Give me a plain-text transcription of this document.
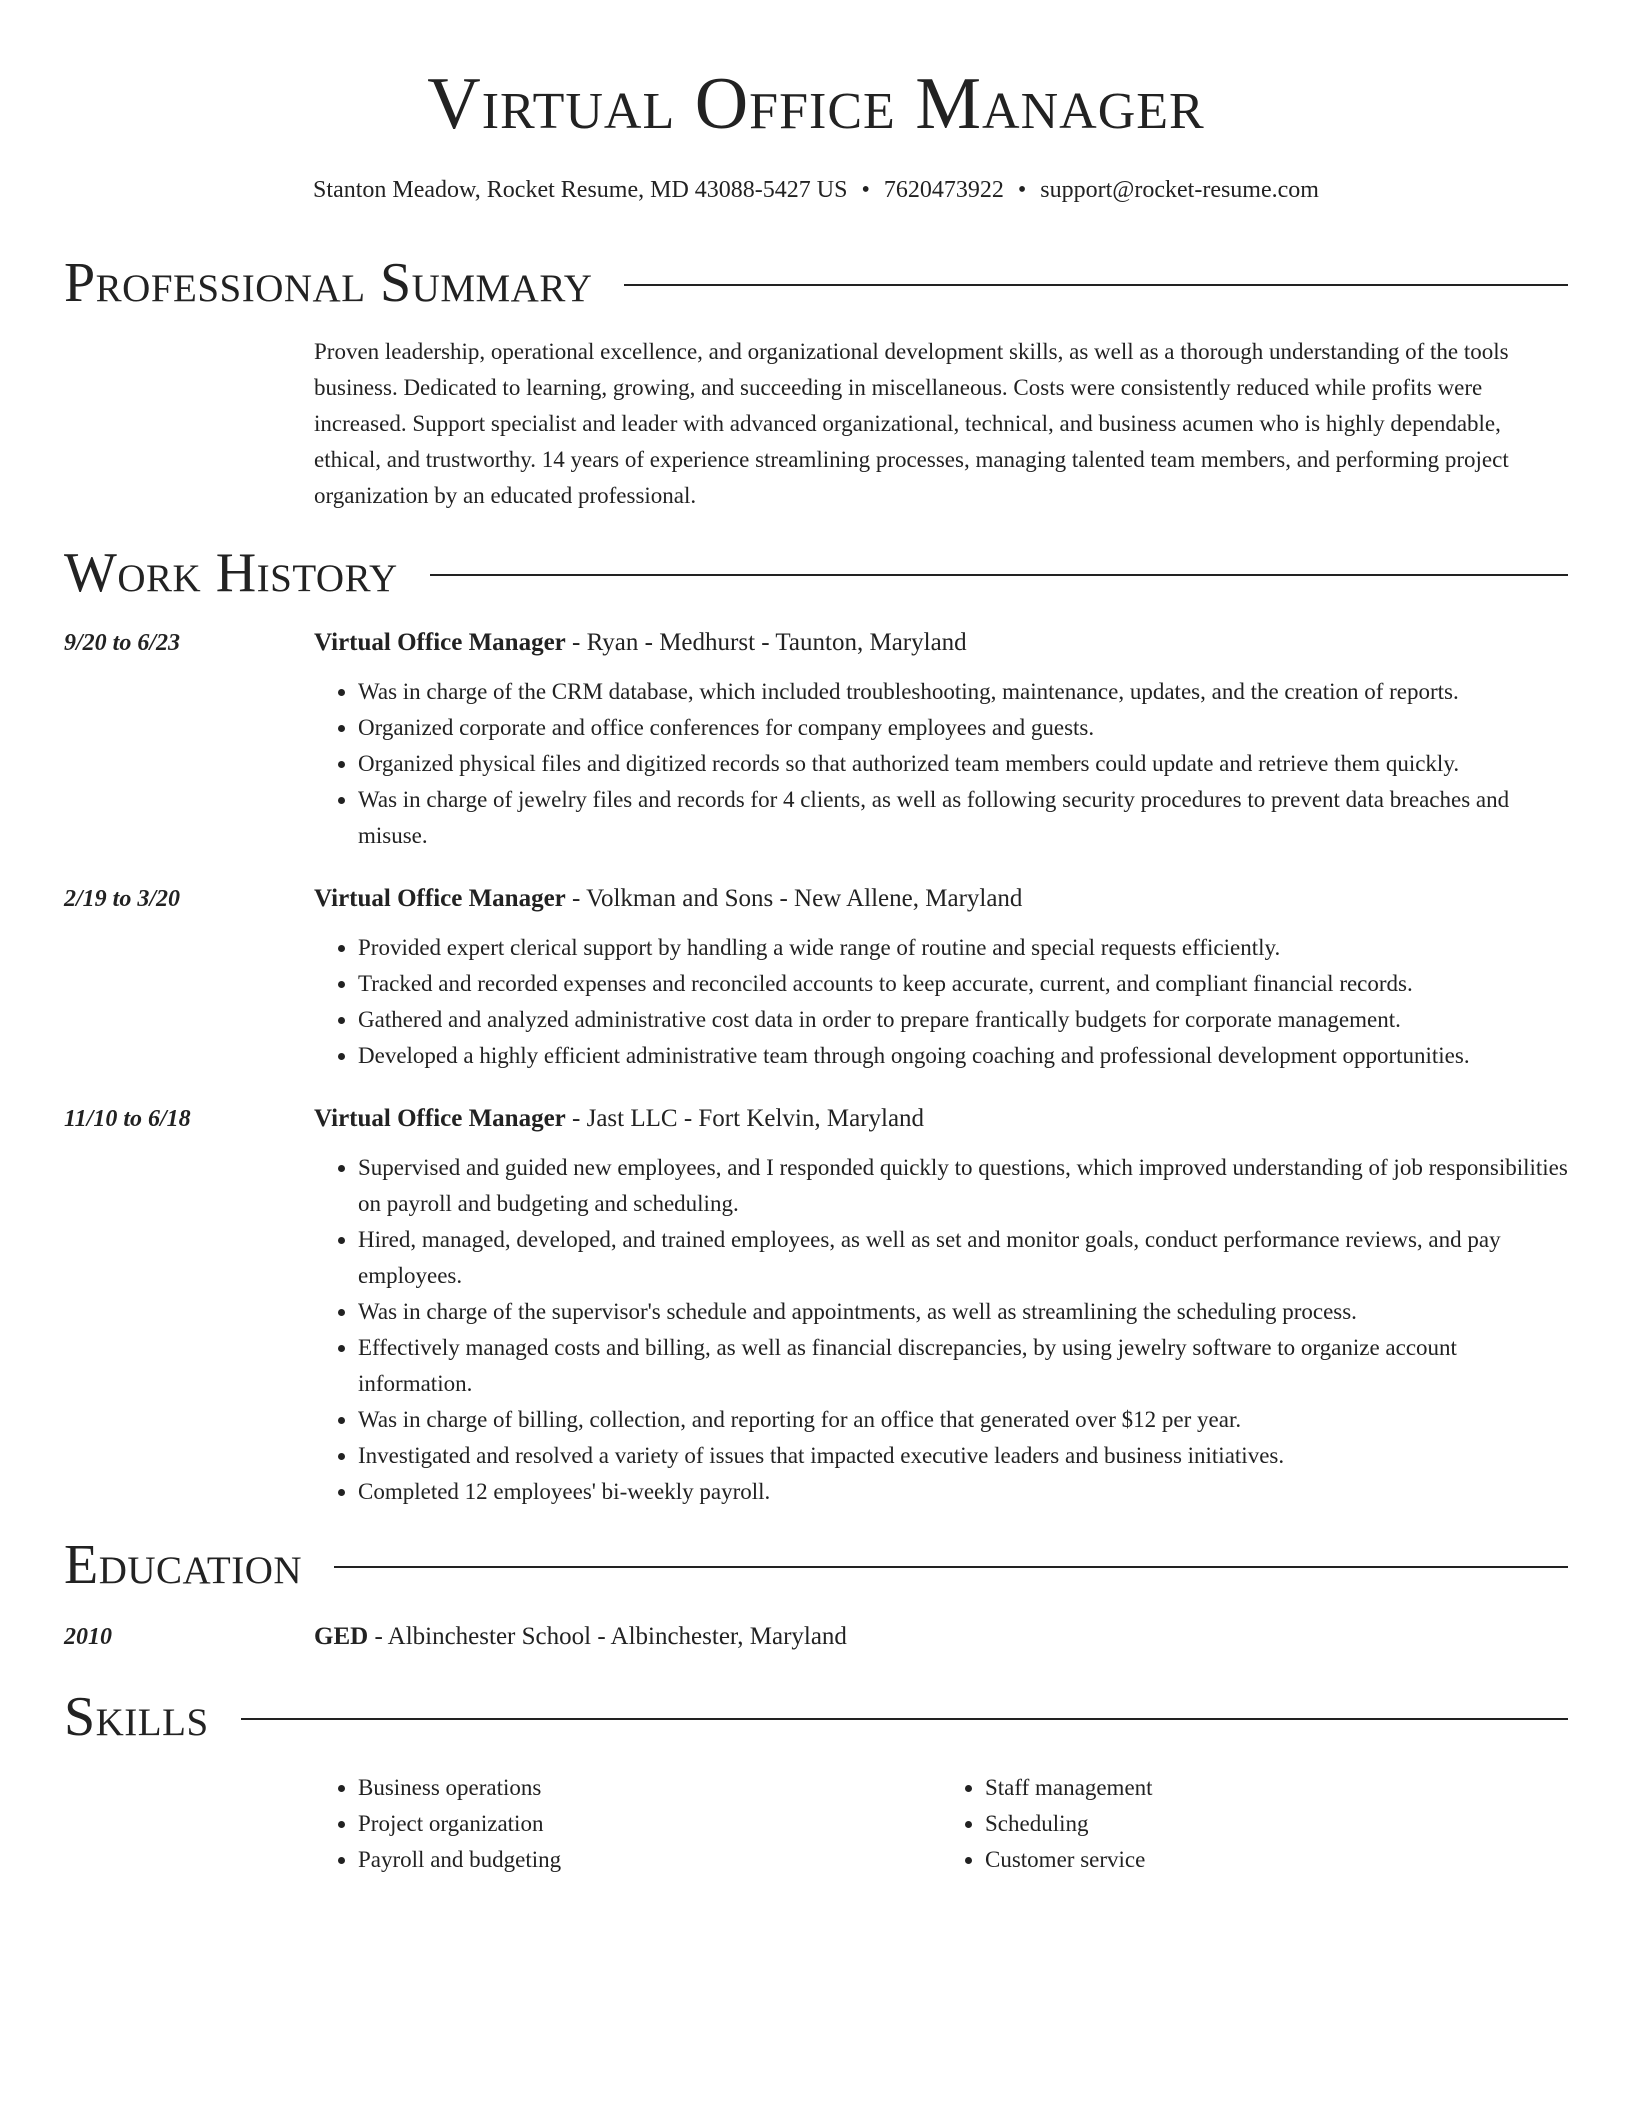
Virtual Office Manager
Stanton Meadow, Rocket Resume, MD 43088-5427 US • 7620473922 • support@rocket-resume.com
Professional Summary
Proven leadership, operational excellence, and organizational development skills, as well as a thorough understanding of the tools business. Dedicated to learning, growing, and succeeding in miscellaneous. Costs were consistently reduced while profits were increased. Support specialist and leader with advanced organizational, technical, and business acumen who is highly dependable, ethical, and trustworthy. 14 years of experience streamlining processes, managing talented team members, and performing project organization by an educated professional.
Work History
9/20 to 6/23	Virtual Office Manager - Ryan - Medhurst - Taunton, Maryland
• Was in charge of the CRM database, which included troubleshooting, maintenance, updates, and the creation of reports.
• Organized corporate and office conferences for company employees and guests.
• Organized physical files and digitized records so that authorized team members could update and retrieve them quickly.
• Was in charge of jewelry files and records for 4 clients, as well as following security procedures to prevent data breaches and misuse.
2/19 to 3/20	Virtual Office Manager - Volkman and Sons - New Allene, Maryland
• Provided expert clerical support by handling a wide range of routine and special requests efficiently.
• Tracked and recorded expenses and reconciled accounts to keep accurate, current, and compliant financial records.
• Gathered and analyzed administrative cost data in order to prepare frantically budgets for corporate management.
• Developed a highly efficient administrative team through ongoing coaching and professional development opportunities.
11/10 to 6/18	Virtual Office Manager - Jast LLC - Fort Kelvin, Maryland
• Supervised and guided new employees, and I responded quickly to questions, which improved understanding of job responsibilities on payroll and budgeting and scheduling.
• Hired, managed, developed, and trained employees, as well as set and monitor goals, conduct performance reviews, and pay employees.
• Was in charge of the supervisor's schedule and appointments, as well as streamlining the scheduling process.
• Effectively managed costs and billing, as well as financial discrepancies, by using jewelry software to organize account information.
• Was in charge of billing, collection, and reporting for an office that generated over $12 per year.
• Investigated and resolved a variety of issues that impacted executive leaders and business initiatives.
• Completed 12 employees' bi-weekly payroll.
Education
2010	GED - Albinchester School - Albinchester, Maryland
Skills
• Business operations
• Project organization
• Payroll and budgeting
• Staff management
• Scheduling
• Customer service
